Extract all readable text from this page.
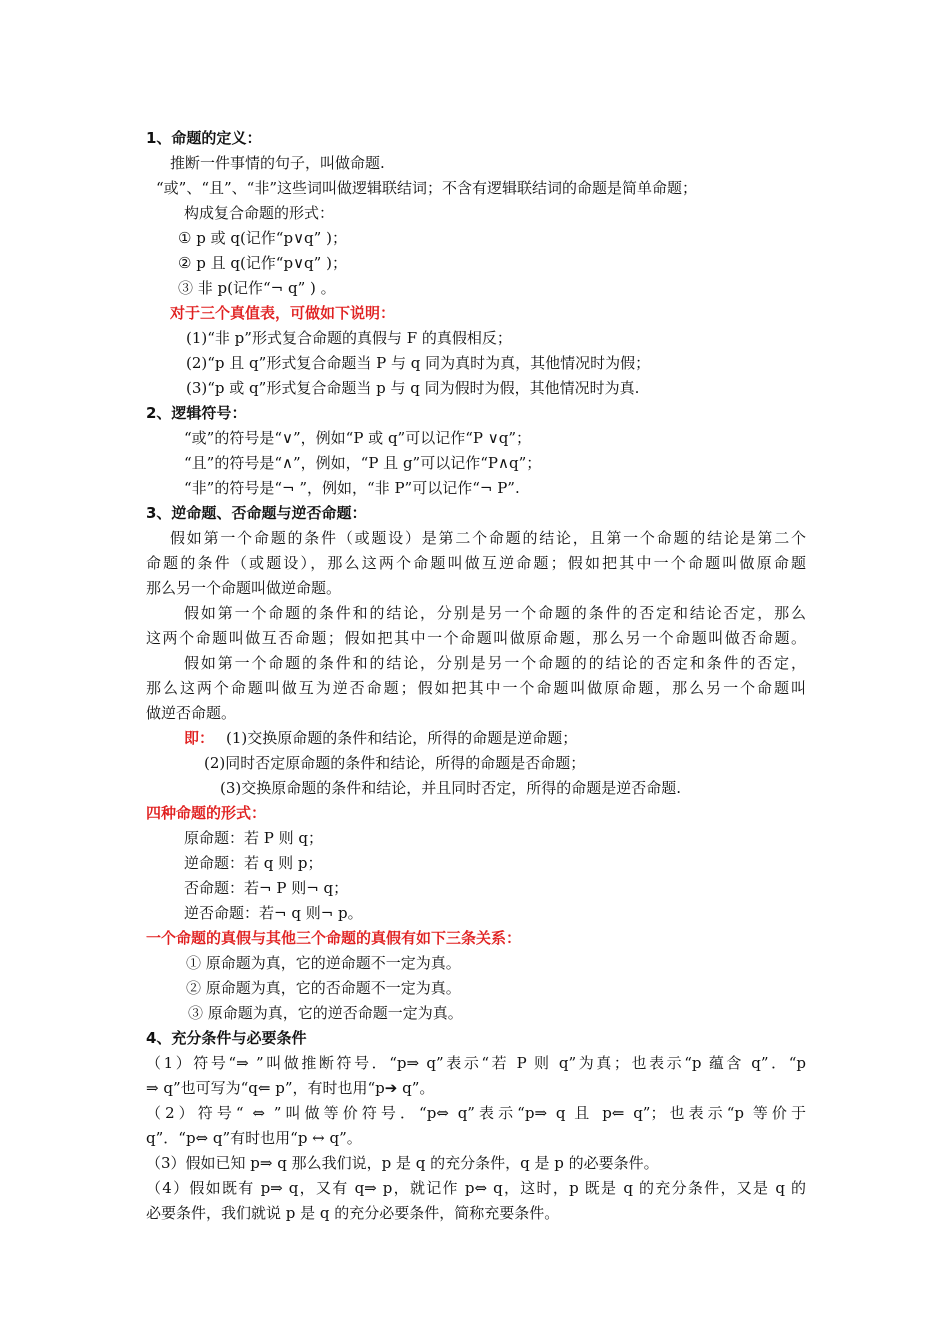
1、命题的定义：
推断一件事情的句子，叫做命题.
“或”、“且”、“非”这些词叫做逻辑联结词；不含有逻辑联结词的命题是简单命题；
构成复合命题的形式：
① p 或 q(记作“p∨q” )；
② p 且 q(记作“p∨q” )；
③ 非 p(记作“¬ q” ) 。
对于三个真值表，可做如下说明：
(1)“非 p”形式复合命题的真假与 F 的真假相反；
(2)“p 且 q”形式复合命题当 P 与 q 同为真时为真，其他情况时为假；
(3)“p 或 q”形式复合命题当 p 与 q 同为假时为假，其他情况时为真.
2、逻辑符号：
“或”的符号是“∨”，例如“P 或 q”可以记作“P ∨q”；
“且”的符号是“∧”，例如，“P 且 g”可以记作“P∧q”；
“非”的符号是“¬ ”，例如，“非 P”可以记作“¬ P”.
3、逆命题、否命题与逆否命题：
假如第一个命题的条件（或题设）是第二个命题的结论，且第一个命题的结论是第二个
命题的条件（或题设），那么这两个命题叫做互逆命题；假如把其中一个命题叫做原命题
那么另一个命题叫做逆命题。
假如第一个命题的条件和的结论，分别是另一个命题的条件的否定和结论否定，那么
这两个命题叫做互否命题；假如把其中一个命题叫做原命题，那么另一个命题叫做否命题。
假如第一个命题的条件和的结论，分别是另一个命题的的结论的否定和条件的否定，
那么这两个命题叫做互为逆否命题；假如把其中一个命题叫做原命题，那么另一个命题叫
做逆否命题。
即： (1)交换原命题的条件和结论，所得的命题是逆命题；
(2)同时否定原命题的条件和结论，所得的命题是否命题；
(3)交换原命题的条件和结论，并且同时否定，所得的命题是逆否命题.
四种命题的形式：
原命题：若 P 则 q；
逆命题：若 q 则 p；
否命题：若¬ P 则¬ q；
逆否命题：若¬ q 则¬ p。
一个命题的真假与其他三个命题的真假有如下三条关系：
① 原命题为真，它的逆命题不一定为真。
② 原命题为真，它的否命题不一定为真。
③ 原命题为真，它的逆否命题一定为真。
4、充分条件与必要条件
（1）符号“⇒ ”叫做推断符号．“p⇒ q”表示“若 P 则 q”为真；也表示“p 蕴含 q”．“p
⇒ q”也可写为“q⇐ p”，有时也用“p➔ q”。
（2）符号“ ⇔ ”叫做等价符号．“p⇔ q”表示“p⇒ q 且 p⇐ q”；也表示“p 等价于
q”．“p⇔ q”有时也用“p ↔ q”。
（3）假如已知 p⇒ q 那么我们说，p 是 q 的充分条件，q 是 p 的必要条件。
（4）假如既有 p⇒ q，又有 q⇒ p，就记作 p⇔ q，这时，p 既是 q 的充分条件，又是 q 的
必要条件，我们就说 p 是 q 的充分必要条件，简称充要条件。
